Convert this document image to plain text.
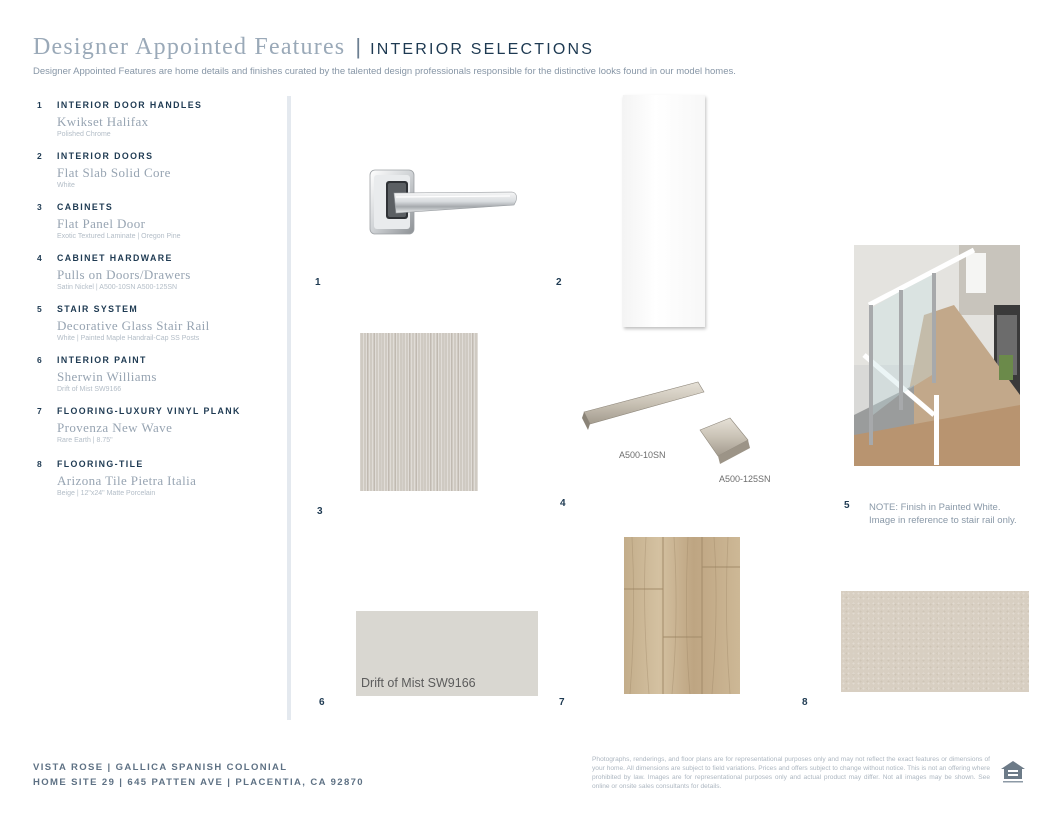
Designer Appointed Features | INTERIOR SELECTIONS
Designer Appointed Features are home details and finishes curated by the talented design professionals responsible for the distinctive looks found in our model homes.
1	INTERIOR DOOR HANDLES
Kwikset Halifax
Polished Chrome
2	INTERIOR DOORS
Flat Slab Solid Core
White
3	CABINETS
Flat Panel Door
Exotic Textured Laminate | Oregon Pine
4	CABINET HARDWARE
Pulls on Doors/Drawers
Satin Nickel | A500-10SN A500-125SN
5	STAIR SYSTEM
Decorative Glass Stair Rail
White | Painted Maple Handrail-Cap SS Posts
6	INTERIOR PAINT
Sherwin Williams
Drift of Mist SW9166
7	FLOORING-LUXURY VINYL PLANK
Provenza New Wave
Rare Earth | 8.75"
8	FLOORING-TILE
Arizona Tile Pietra Italia
Beige | 12"x24" Matte Porcelain
1	2
3
A500-10SN
A500-125SN
4	5 NOTE: Finish in Painted White. Image in reference to stair rail only.
Drift of Mist SW9166
6	7	8
VISTA ROSE | GALLICA SPANISH COLONIAL
HOME SITE 29 | 645 PATTEN AVE | PLACENTIA, CA 92870
Photographs, renderings, and floor plans are for representational purposes only and may not reflect the exact features or dimensions of your home. All dimensions are subject to field variations. Prices and offers subject to change without notice. This is not an offering where prohibited by law. Images are for representational purposes only and actual product may differ. Not all images may be shown. See online or onsite sales consultants for details.
